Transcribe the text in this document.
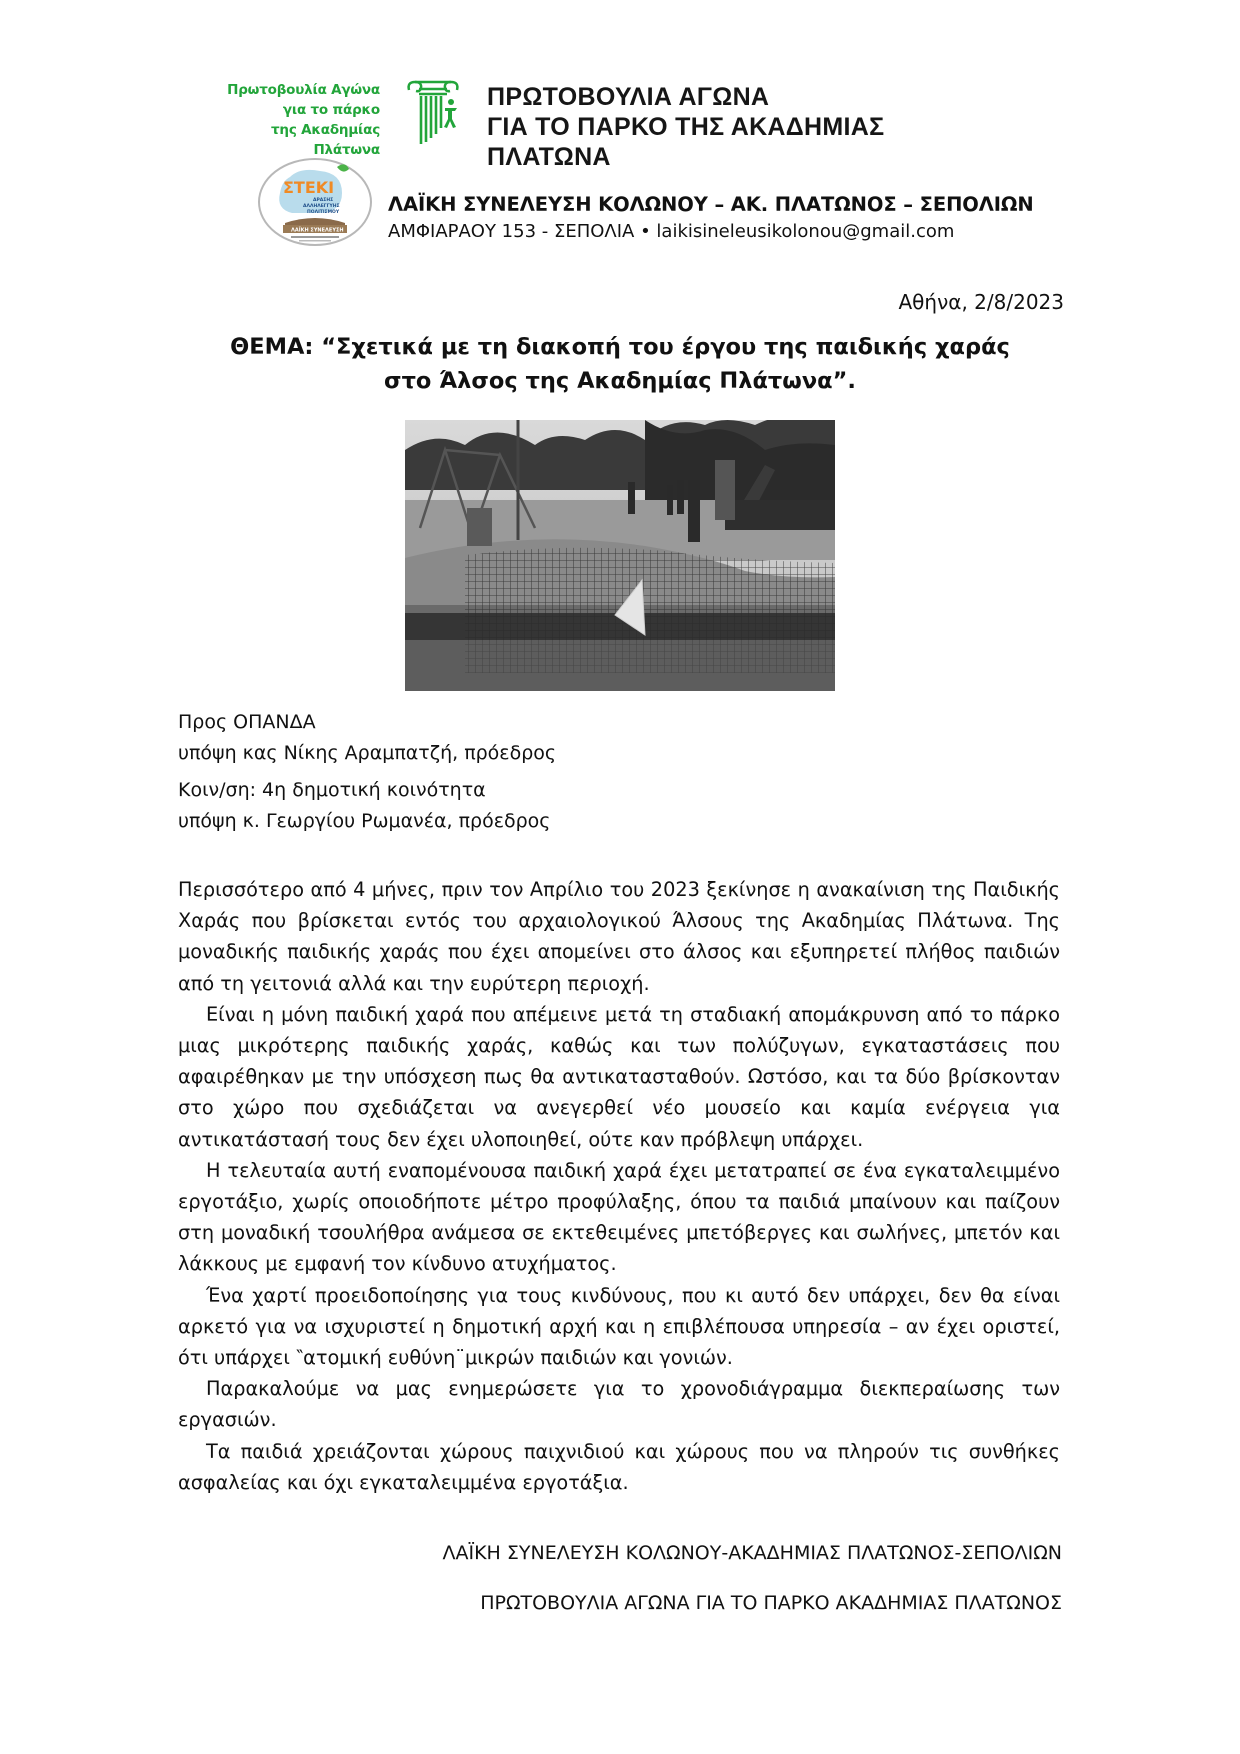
Πρωτοβουλία Αγώνα
για το πάρκο
της Ακαδημίας Πλάτωνα
ΠΡΩΤΟΒΟΥΛΙΑ ΑΓΩΝΑ
ΓΙΑ ΤΟ ΠΑΡΚΟ ΤΗΣ ΑΚΑΔΗΜΙΑΣ ΠΛΑΤΩΝΑ
ΣΤΕΚΙ
ΔΡΑΣΗΣ
ΑΛΛΗΛΕΓΓΥΗΣ
ΠΟΛΙΤΙΣΜΟΥ
ΛΑΪΚΗ ΣΥΝΕΛΕΥΣΗ
ΛΑΪΚΗ ΣΥΝΕΛΕΥΣΗ ΚΟΛΩΝΟΥ – ΑΚ. ΠΛΑΤΩΝΟΣ – ΣΕΠΟΛΙΩΝ
ΑΜΦΙΑΡΑΟΥ 153 - ΣΕΠΟΛΙΑ • laikisineleusikolonou@gmail.com
Αθήνα, 2/8/2023
ΘΕΜΑ: “Σχετικά με τη διακοπή του έργου της παιδικής χαράς
στο Άλσος της Ακαδημίας Πλάτωνα”.
Προς ΟΠΑΝΔΑ
υπόψη κας Νίκης Αραμπατζή, πρόεδρος
Κοιν/ση: 4η δημοτική κοινότητα
υπόψη κ. Γεωργίου Ρωμανέα, πρόεδρος

Περισσότερο από 4 μήνες, πριν τον Απρίλιο του 2023 ξεκίνησε η ανακαίνιση της Παιδικής Χαράς που βρίσκεται εντός του αρχαιολογικού Άλσους της Ακαδημίας Πλάτωνα. Της μοναδικής παιδικής χαράς που έχει απομείνει στο άλσος και εξυπηρετεί πλήθος παιδιών από τη γειτονιά αλλά και την ευρύτερη περιοχή.

Είναι η μόνη παιδική χαρά που απέμεινε μετά τη σταδιακή απομάκρυνση από το πάρκο μιας μικρότερης παιδικής χαράς, καθώς και των πολύζυγων, εγκαταστάσεις που αφαιρέθηκαν με την υπόσχεση πως θα αντικατασταθούν. Ωστόσο, και τα δύο βρίσκονταν στο χώρο που σχεδιάζεται να ανεγερθεί νέο μουσείο και καμία ενέργεια για αντικατάστασή τους δεν έχει υλοποιηθεί, ούτε καν πρόβλεψη υπάρχει.

Η τελευταία αυτή εναπομένουσα παιδική χαρά έχει μετατραπεί σε ένα εγκαταλειμμένο εργοτάξιο, χωρίς οποιοδήποτε μέτρο προφύλαξης, όπου τα παιδιά μπαίνουν και παίζουν στη μοναδική τσουλήθρα ανάμεσα σε εκτεθειμένες μπετόβεργες και σωλήνες, μπετόν και λάκκους με εμφανή τον κίνδυνο ατυχήματος.

Ένα χαρτί προειδοποίησης για τους κινδύνους, που κι αυτό δεν υπάρχει, δεν θα είναι αρκετό για να ισχυριστεί η δημοτική αρχή και η επιβλέπουσα υπηρεσία – αν έχει οριστεί, ότι υπάρχει ‶ατομική ευθύνη¨μικρών παιδιών και γονιών.

Παρακαλούμε να μας ενημερώσετε για το χρονοδιάγραμμα διεκπεραίωσης των εργασιών.

Τα παιδιά χρειάζονται χώρους παιχνιδιού και χώρους που να πληρούν τις συνθήκες ασφαλείας και όχι εγκαταλειμμένα εργοτάξια.

ΛΑΪΚΗ ΣΥΝΕΛΕΥΣΗ ΚΟΛΩΝΟΥ-ΑΚΑΔΗΜΙΑΣ ΠΛΑΤΩΝΟΣ-ΣΕΠΟΛΙΩΝ
ΠΡΩΤΟΒΟΥΛΙΑ ΑΓΩΝΑ ΓΙΑ ΤΟ ΠΑΡΚΟ ΑΚΑΔΗΜΙΑΣ ΠΛΑΤΩΝΟΣ
